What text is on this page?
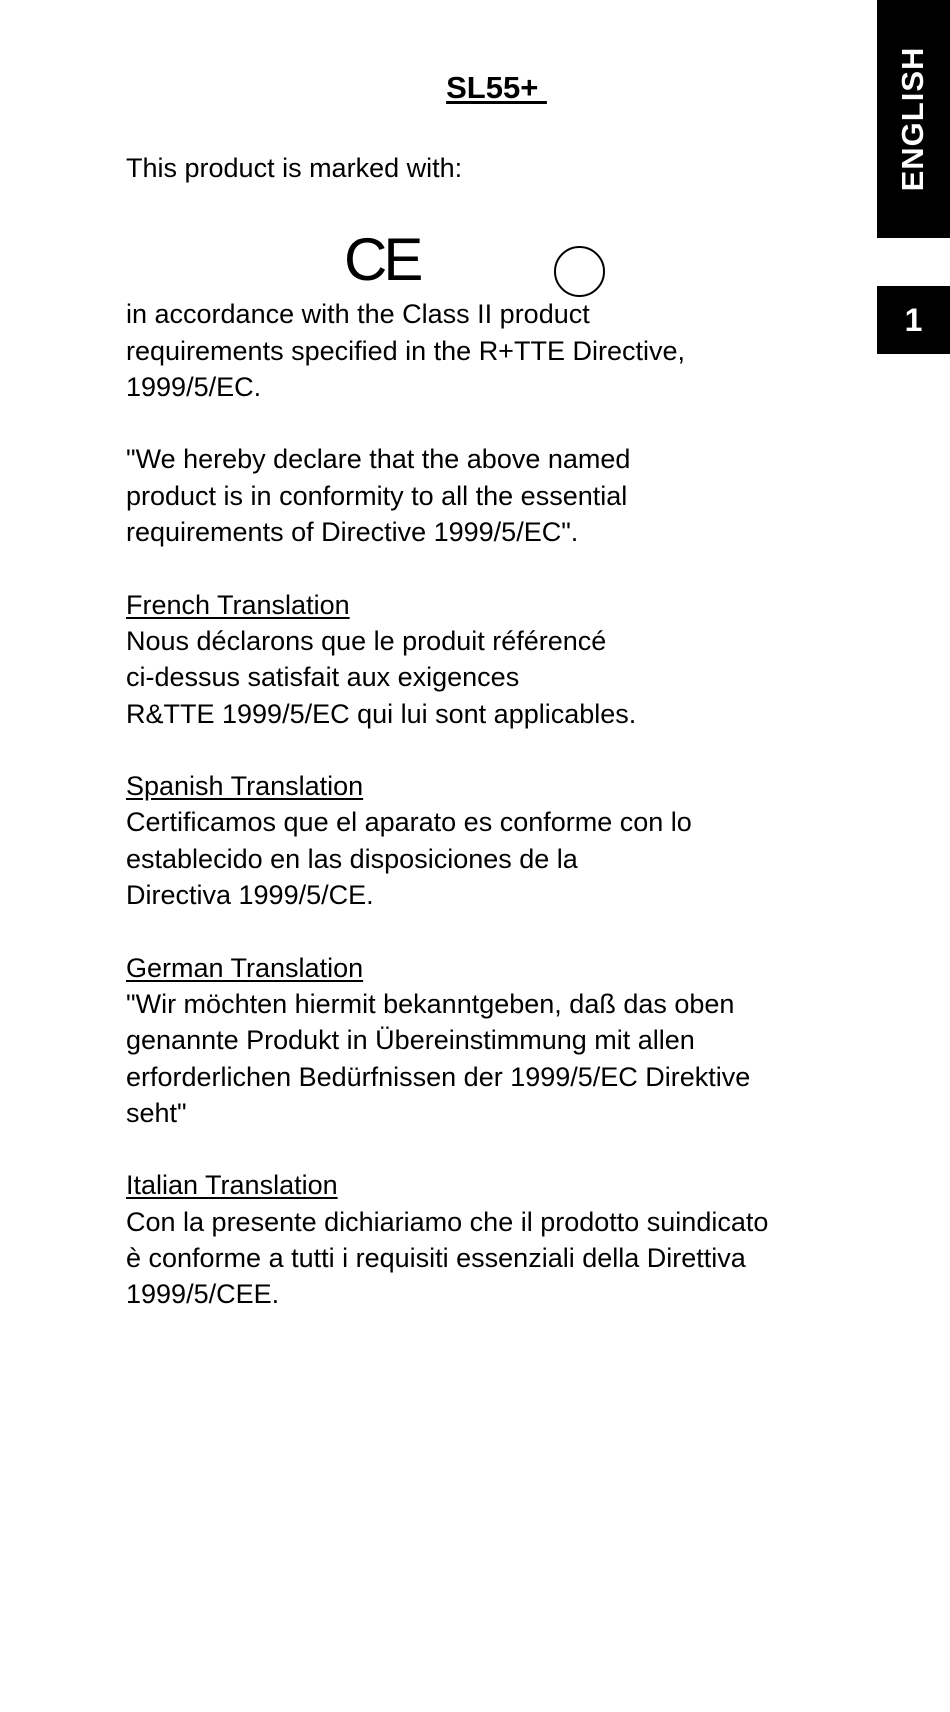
ENGLISH
1
SL55+

This product is marked with:

CE

in accordance with the Class II product

requirements specified in the R+TTE Directive,

1999/5/EC.

"We hereby declare that the above named

product is in conformity to all the essential

requirements of Directive 1999/5/EC".

French Translation

Nous déclarons que le produit référencé

ci-dessus satisfait aux exigences

R&TTE 1999/5/EC qui lui sont applicables.

Spanish Translation

Certificamos que el aparato es conforme con lo

establecido en las disposiciones de la

Directiva 1999/5/CE.

German Translation

"Wir möchten hiermit bekanntgeben, daß das oben

genannte Produkt in Übereinstimmung mit allen

erforderlichen Bedürfnissen der 1999/5/EC Direktive

seht"

Italian Translation

Con la presente dichiariamo che il prodotto suindicato

è conforme a tutti i requisiti essenziali della Direttiva

1999/5/CEE.
